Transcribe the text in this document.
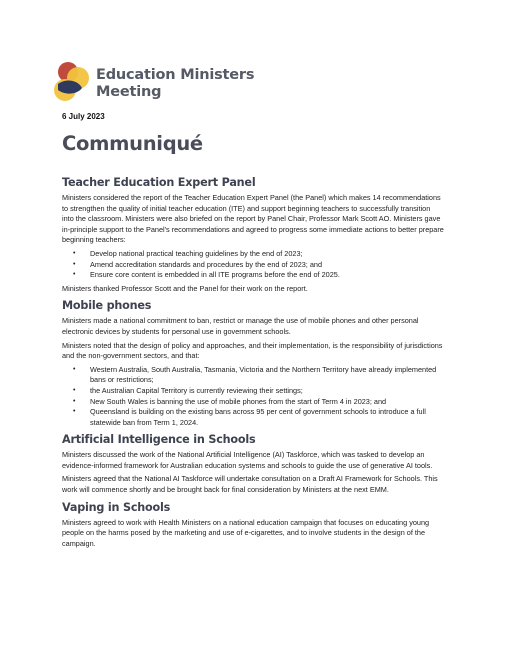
Education Ministers
Meeting
6 July 2023
Communiqué
Teacher Education Expert Panel
Ministers considered the report of the Teacher Education Expert Panel (the Panel) which makes 14 recommendations to strengthen the quality of initial teacher education (ITE) and support beginning teachers to successfully transition into the classroom. Ministers were also briefed on the report by Panel Chair, Professor Mark Scott AO. Ministers gave in-principle support to the Panel's recommendations and agreed to progress some immediate actions to better prepare beginning teachers:
• Develop national practical teaching guidelines by the end of 2023;
• Amend accreditation standards and procedures by the end of 2023; and
• Ensure core content is embedded in all ITE programs before the end of 2025.
Ministers thanked Professor Scott and the Panel for their work on the report.
Mobile phones
Ministers made a national commitment to ban, restrict or manage the use of mobile phones and other personal electronic devices by students for personal use in government schools.
Ministers noted that the design of policy and approaches, and their implementation, is the responsibility of jurisdictions and the non-government sectors, and that:
• Western Australia, South Australia, Tasmania, Victoria and the Northern Territory have already implemented bans or restrictions;
• the Australian Capital Territory is currently reviewing their settings;
• New South Wales is banning the use of mobile phones from the start of Term 4 in 2023; and
• Queensland is building on the existing bans across 95 per cent of government schools to introduce a full statewide ban from Term 1, 2024.
Artificial Intelligence in Schools
Ministers discussed the work of the National Artificial Intelligence (AI) Taskforce, which was tasked to develop an evidence-informed framework for Australian education systems and schools to guide the use of generative AI tools.
Ministers agreed that the National AI Taskforce will undertake consultation on a Draft AI Framework for Schools. This work will commence shortly and be brought back for final consideration by Ministers at the next EMM.
Vaping in Schools
Ministers agreed to work with Health Ministers on a national education campaign that focuses on educating young people on the harms posed by the marketing and use of e-cigarettes, and to involve students in the design of the campaign.
